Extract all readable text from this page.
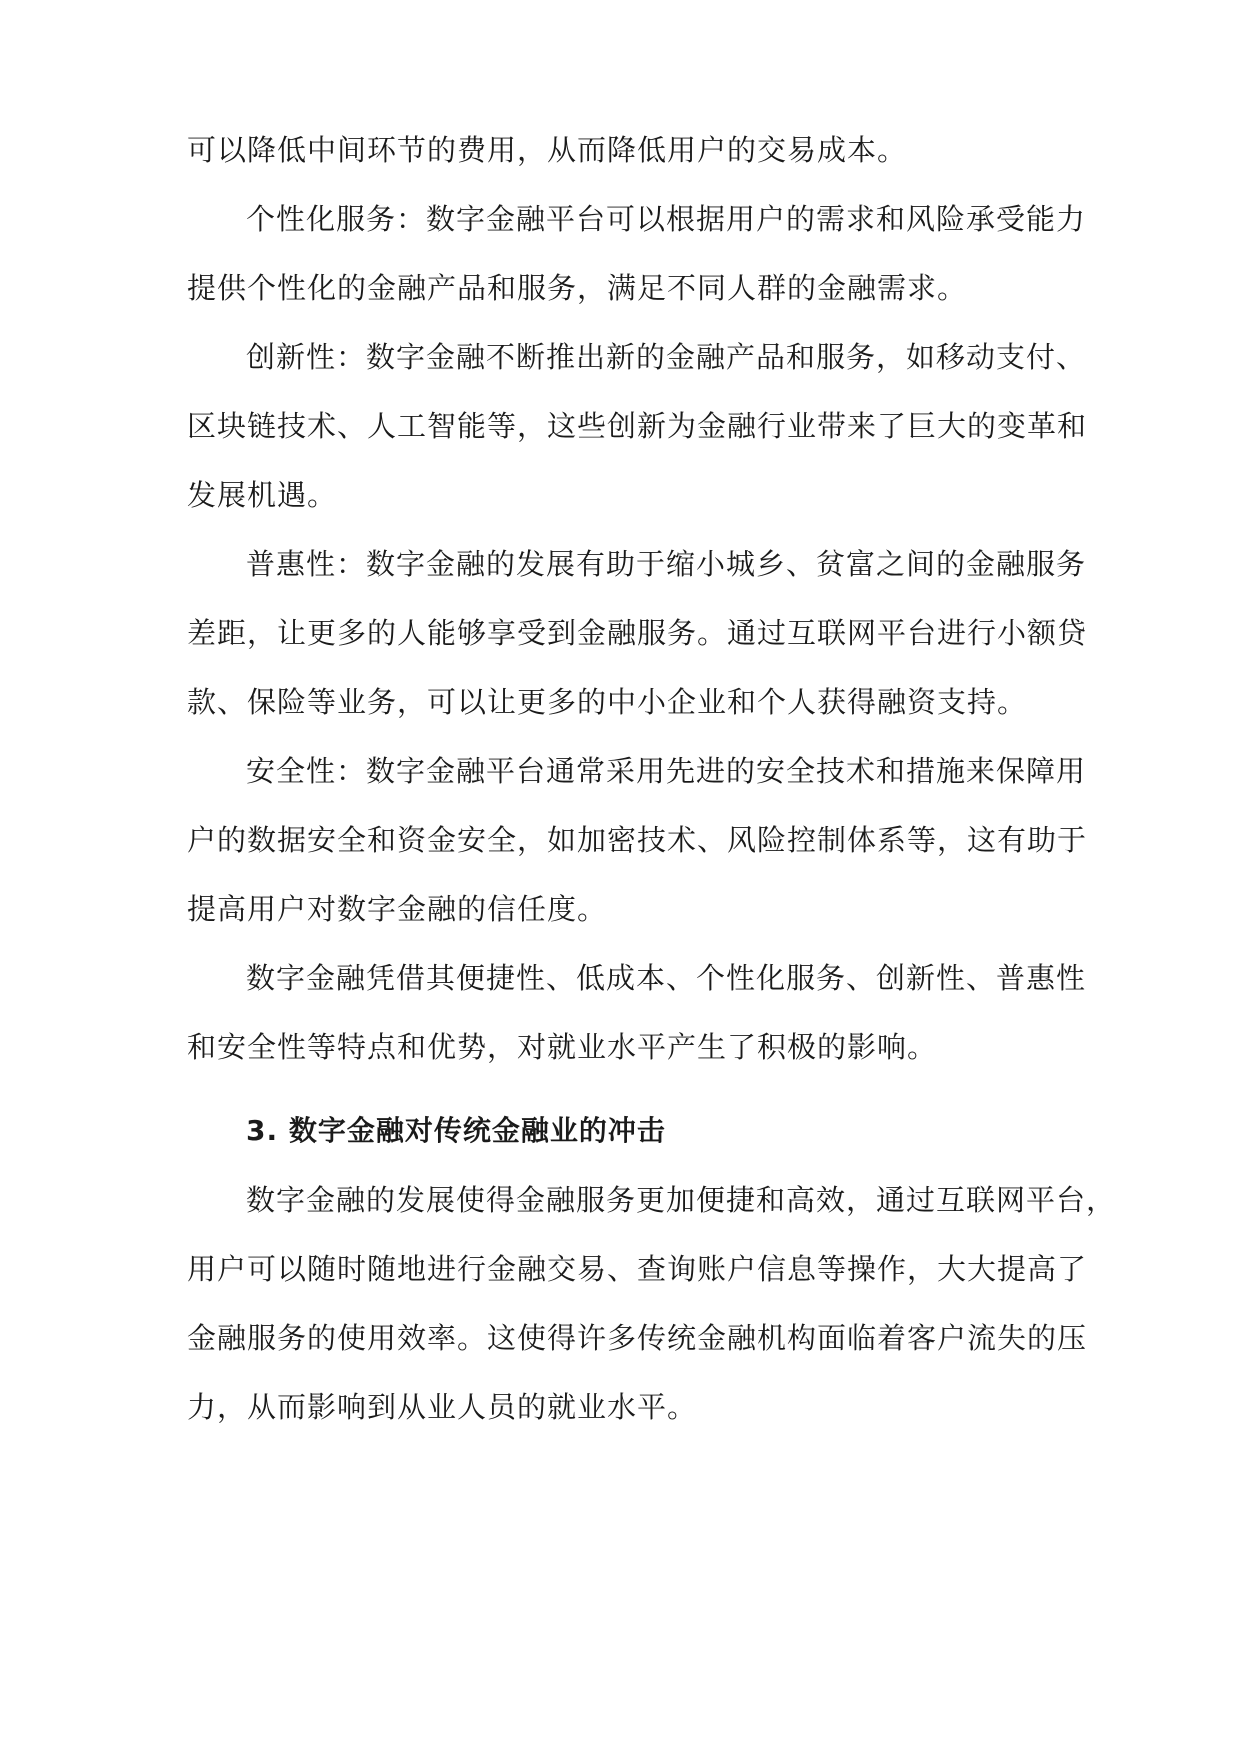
可以降低中间环节的费用，从而降低用户的交易成本。
个性化服务：数字金融平台可以根据用户的需求和风险承受能力
提供个性化的金融产品和服务，满足不同人群的金融需求。
创新性：数字金融不断推出新的金融产品和服务，如移动支付、
区块链技术、人工智能等，这些创新为金融行业带来了巨大的变革和
发展机遇。
普惠性：数字金融的发展有助于缩小城乡、贫富之间的金融服务
差距，让更多的人能够享受到金融服务。通过互联网平台进行小额贷
款、保险等业务，可以让更多的中小企业和个人获得融资支持。
安全性：数字金融平台通常采用先进的安全技术和措施来保障用
户的数据安全和资金安全，如加密技术、风险控制体系等，这有助于
提高用户对数字金融的信任度。
数字金融凭借其便捷性、低成本、个性化服务、创新性、普惠性
和安全性等特点和优势，对就业水平产生了积极的影响。
3. 数字金融对传统金融业的冲击
数字金融的发展使得金融服务更加便捷和高效，通过互联网平台，
用户可以随时随地进行金融交易、查询账户信息等操作，大大提高了
金融服务的使用效率。这使得许多传统金融机构面临着客户流失的压
力，从而影响到从业人员的就业水平。
